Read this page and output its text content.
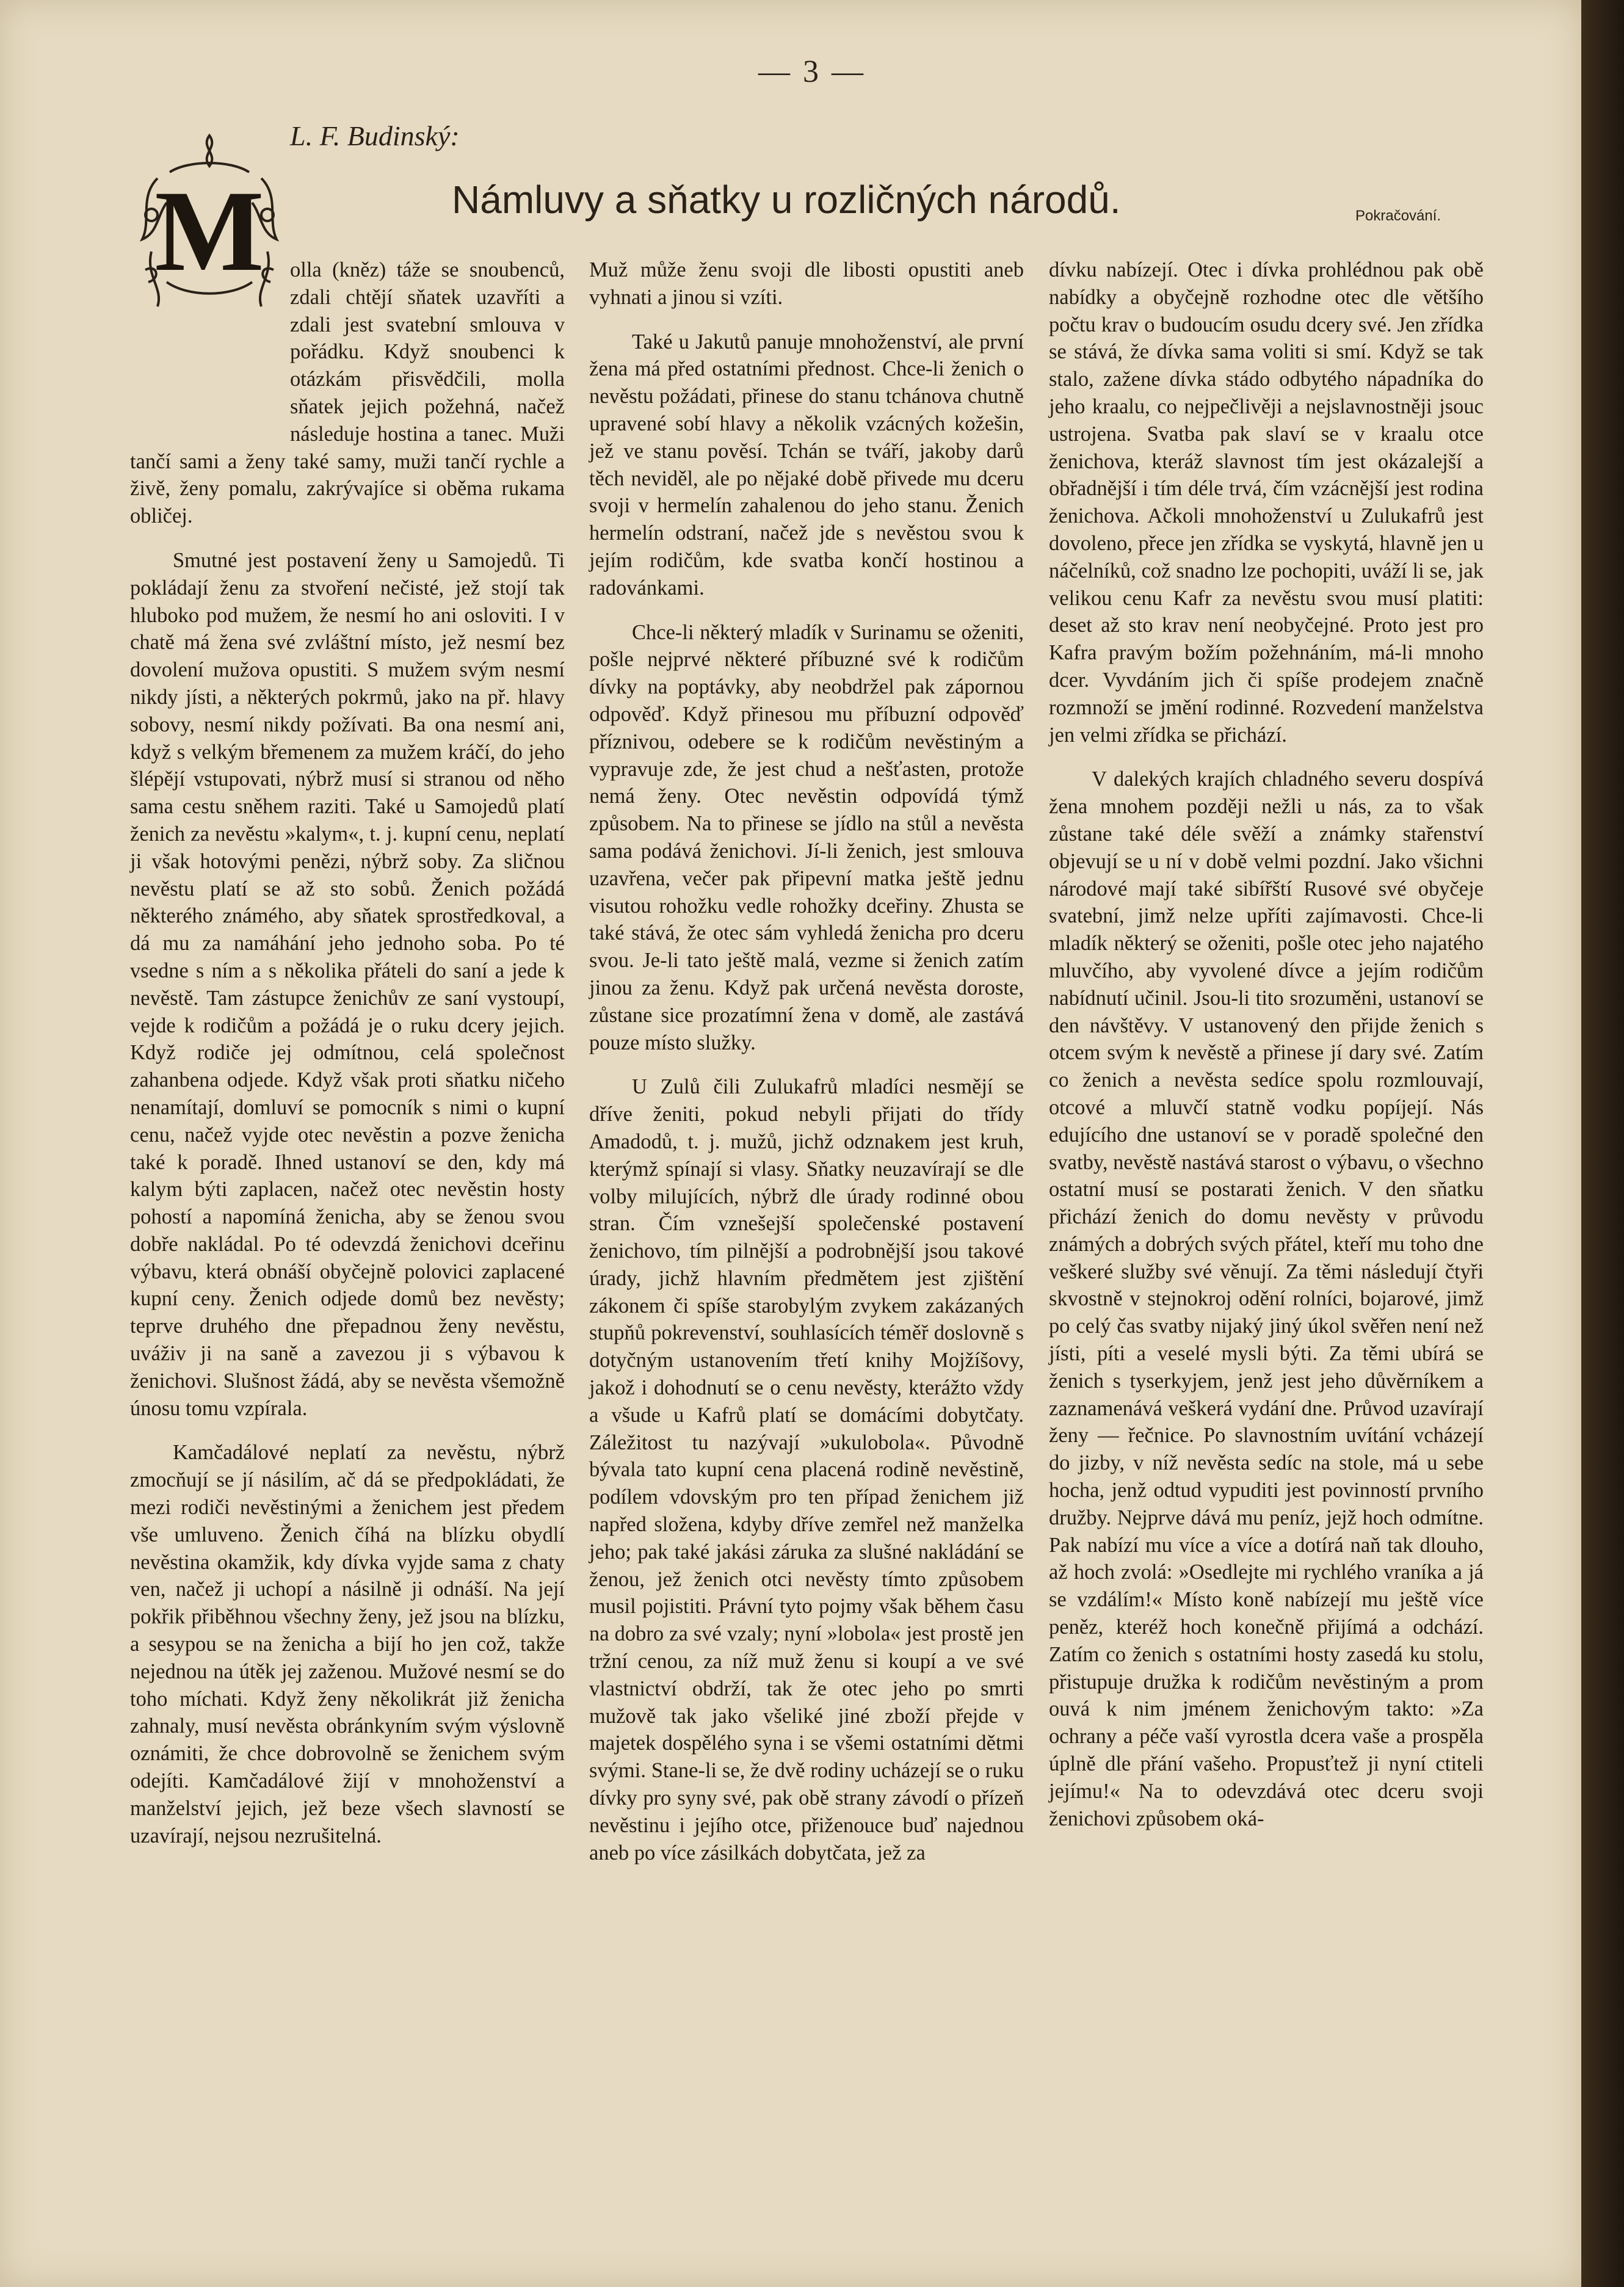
— 3 —
L. F. Budinský:
Námluvy a sňatky u rozličných národů.	Pokračování.
M	olla (kněz) táže se snoubenců, zdali chtějí sňatek uzavříti a zdali jest svatební smlouva v pořádku. Když snoubenci k otázkám přisvědčili, molla sňatek jejich požehná, načež následuje hostina a tanec. Muži tančí sami a ženy také samy, muži tančí rychle a živě, ženy pomalu, zakrývajíce si oběma rukama obličej.

Smutné jest postavení ženy u Samojedů. Ti pokládají ženu za stvoření nečisté, jež stojí tak hluboko pod mužem, že nesmí ho ani osloviti. I v chatě má žena své zvláštní místo, jež nesmí bez dovolení mužova opustiti. S mužem svým nesmí nikdy jísti, a některých pokrmů, jako na př. hlavy sobovy, nesmí nikdy požívati. Ba ona nesmí ani, když s velkým břemenem za mužem kráčí, do jeho šlépějí vstupovati, nýbrž musí si stranou od něho sama cestu sněhem raziti. Také u Samojedů platí ženich za nevěstu »kalym«, t. j. kupní cenu, neplatí ji však hotovými penězi, nýbrž soby. Za sličnou nevěstu platí se až sto sobů. Ženich požádá některého známého, aby sňatek sprostředkoval, a dá mu za namáhání jeho jednoho soba. Po té vsedne s ním a s několika přáteli do saní a jede k nevěstě. Tam zástupce ženichův ze saní vystoupí, vejde k rodičům a požádá je o ruku dcery jejich. Když rodiče jej odmítnou, celá společnost zahanbena odjede. Když však proti sňatku ničeho nenamítají, domluví se pomocník s nimi o kupní cenu, načež vyjde otec nevěstin a pozve ženicha také k poradě. Ihned ustanoví se den, kdy má kalym býti zaplacen, načež otec nevěstin hosty pohostí a napomíná ženicha, aby se ženou svou dobře nakládal. Po té odevzdá ženichovi dceřinu výbavu, která obnáší obyčejně polovici zaplacené kupní ceny. Ženich odjede domů bez nevěsty; teprve druhého dne přepadnou ženy nevěstu, uváživ ji na saně a zavezou ji s výbavou k ženichovi. Slušnost žádá, aby se nevěsta všemožně únosu tomu vzpírala.

Kamčadálové neplatí za nevěstu, nýbrž zmocňují se jí násilím, ač dá se předpokládati, že mezi rodiči nevěstinými a ženichem jest předem vše umluveno. Ženich číhá na blízku obydlí nevěstina okamžik, kdy dívka vyjde sama z chaty ven, načež ji uchopí a násilně ji odnáší. Na její pokřik přiběhnou všechny ženy, jež jsou na blízku, a sesypou se na ženicha a bijí ho jen což, takže nejednou na útěk jej zaženou. Mužové nesmí se do toho míchati. Když ženy několikrát již ženicha zahnaly, musí nevěsta obránkyním svým výslovně oznámiti, že chce dobrovolně se ženichem svým odejíti. Kamčadálové žijí v mnohoženství a manželství jejich, jež beze všech slavností se uzavírají, nejsou nezrušitelná.

Muž může ženu svoji dle libosti opustiti aneb vyhnati a jinou si vzíti.

Také u Jakutů panuje mnohoženství, ale první žena má před ostatními přednost. Chce-li ženich o nevěstu požádati, přinese do stanu tchánova chutně upravené sobí hlavy a několik vzácných kožešin, jež ve stanu pověsí. Tchán se tváří, jakoby darů těch neviděl, ale po nějaké době přivede mu dceru svoji v hermelín zahalenou do jeho stanu. Ženich hermelín odstraní, načež jde s nevěstou svou k jejím rodičům, kde svatba končí hostinou a radovánkami.

Chce-li některý mladík v Surinamu se oženiti, pošle nejprvé některé příbuzné své k rodičům dívky na poptávky, aby neobdržel pak zápornou odpověď. Když přinesou mu příbuzní odpověď příznivou, odebere se k rodičům nevěstiným a vypravuje zde, že jest chud a nešťasten, protože nemá ženy. Otec nevěstin odpovídá týmž způsobem. Na to přinese se jídlo na stůl a nevěsta sama podává ženichovi. Jí-li ženich, jest smlouva uzavřena, večer pak připevní matka ještě jednu visutou rohožku vedle rohožky dceřiny. Zhusta se také stává, že otec sám vyhledá ženicha pro dceru svou. Je-li tato ještě malá, vezme si ženich zatím jinou za ženu. Když pak určená nevěsta doroste, zůstane sice prozatímní žena v domě, ale zastává pouze místo služky.

U Zulů čili Zulukafrů mladíci nesmějí se dříve ženiti, pokud nebyli přijati do třídy Amadodů, t. j. mužů, jichž odznakem jest kruh, kterýmž spínají si vlasy. Sňatky neuzavírají se dle volby milujících, nýbrž dle úrady rodinné obou stran. Čím vznešejší společenské postavení ženichovo, tím pilnější a podrobnější jsou takové úrady, jichž hlavním předmětem jest zjištění zákonem či spíše starobylým zvykem zakázaných stupňů pokrevenství, souhlasících téměř doslovně s dotyčným ustanovením třetí knihy Mojžíšovy, jakož i dohodnutí se o cenu nevěsty, kterážto vždy a všude u Kafrů platí se domácími dobytčaty. Záležitost tu nazývají »ukulobola«. Původně bývala tato kupní cena placená rodině nevěstině, podílem vdovským pro ten případ ženichem již napřed složena, kdyby dříve zemřel než manželka jeho; pak také jakási záruka za slušné nakládání se ženou, jež ženich otci nevěsty tímto způsobem musil pojistiti. Právní tyto pojmy však během času na dobro za své vzaly; nyní »lobola« jest prostě jen tržní cenou, za níž muž ženu si koupí a ve své vlastnictví obdrží, tak že otec jeho po smrti mužově tak jako všeliké jiné zboží přejde v majetek dospělého syna i se všemi ostatními dětmi svými. Stane-li se, že dvě rodiny ucházejí se o ruku dívky pro syny své, pak obě strany závodí o přízeň nevěstinu i jejího otce, přiženouce buď najednou aneb po více zásilkách dobytčata, jež za

dívku nabízejí. Otec i dívka prohlédnou pak obě nabídky a obyčejně rozhodne otec dle většího počtu krav o budoucím osudu dcery své. Jen zřídka se stává, že dívka sama voliti si smí. Když se tak stalo, zažene dívka stádo odbytého nápadníka do jeho kraalu, co nejpečlivěji a nejslavnostněji jsouc ustrojena. Svatba pak slaví se v kraalu otce ženichova, kteráž slavnost tím jest okázalejší a obřadnější i tím déle trvá, čím vzácnější jest rodina ženichova. Ačkoli mnohoženství u Zulukafrů jest dovoleno, přece jen zřídka se vyskytá, hlavně jen u náčelníků, což snadno lze pochopiti, uváží li se, jak velikou cenu Kafr za nevěstu svou musí platiti: deset až sto krav není neobyčejné. Proto jest pro Kafra pravým božím požehnáním, má-li mnoho dcer. Vyvdáním jich či spíše prodejem značně rozmnoží se jmění rodinné. Rozvedení manželstva jen velmi zřídka se přichází.

V dalekých krajích chladného severu dospívá žena mnohem později nežli u nás, za to však zůstane také déle svěží a známky stařenství objevují se u ní v době velmi pozdní. Jako všichni národové mají také sibířští Rusové své obyčeje svatební, jimž nelze upříti zajímavosti. Chce-li mladík některý se oženiti, pošle otec jeho najatého mluvčího, aby vyvolené dívce a jejím rodičům nabídnutí učinil. Jsou-li tito srozuměni, ustanoví se den návštěvy. V ustanovený den přijde ženich s otcem svým k nevěstě a přinese jí dary své. Zatím co ženich a nevěsta sedíce spolu rozmlouvají, otcové a mluvčí statně vodku popíjejí. Nás edujícího dne ustanoví se v poradě společné den svatby, nevěstě nastává starost o výbavu, o všechno ostatní musí se postarati ženich. V den sňatku přichází ženich do domu nevěsty v průvodu známých a dobrých svých přátel, kteří mu toho dne veškeré služby své věnují. Za těmi následují čtyři skvostně v stejnokroj odění rolníci, bojarové, jimž po celý čas svatby nijaký jiný úkol svěřen není než jísti, píti a veselé mysli býti. Za těmi ubírá se ženich s tyserkyjem, jenž jest jeho důvěrníkem a zaznamenává veškerá vydání dne. Průvod uzavírají ženy — řečnice. Po slavnostním uvítání vcházejí do jizby, v níž nevěsta sedíc na stole, má u sebe hocha, jenž odtud vypuditi jest povinností prvního družby. Nejprve dává mu peníz, jejž hoch odmítne. Pak nabízí mu více a více a dotírá naň tak dlouho, až hoch zvolá: »Osedlejte mi rychlého vraníka a já se vzdálím!« Místo koně nabízejí mu ještě více peněz, kteréž hoch konečně přijímá a odchází. Zatím co ženich s ostatními hosty zasedá ku stolu, přistupuje družka k rodičům nevěstiným a prom ouvá k nim jménem ženichovým takto: »Za ochrany a péče vaší vyrostla dcera vaše a prospěla úplně dle přání vašeho. Propusťtež ji nyní ctiteli jejímu!« Na to odevzdává otec dceru svoji ženichovi způsobem oká-
